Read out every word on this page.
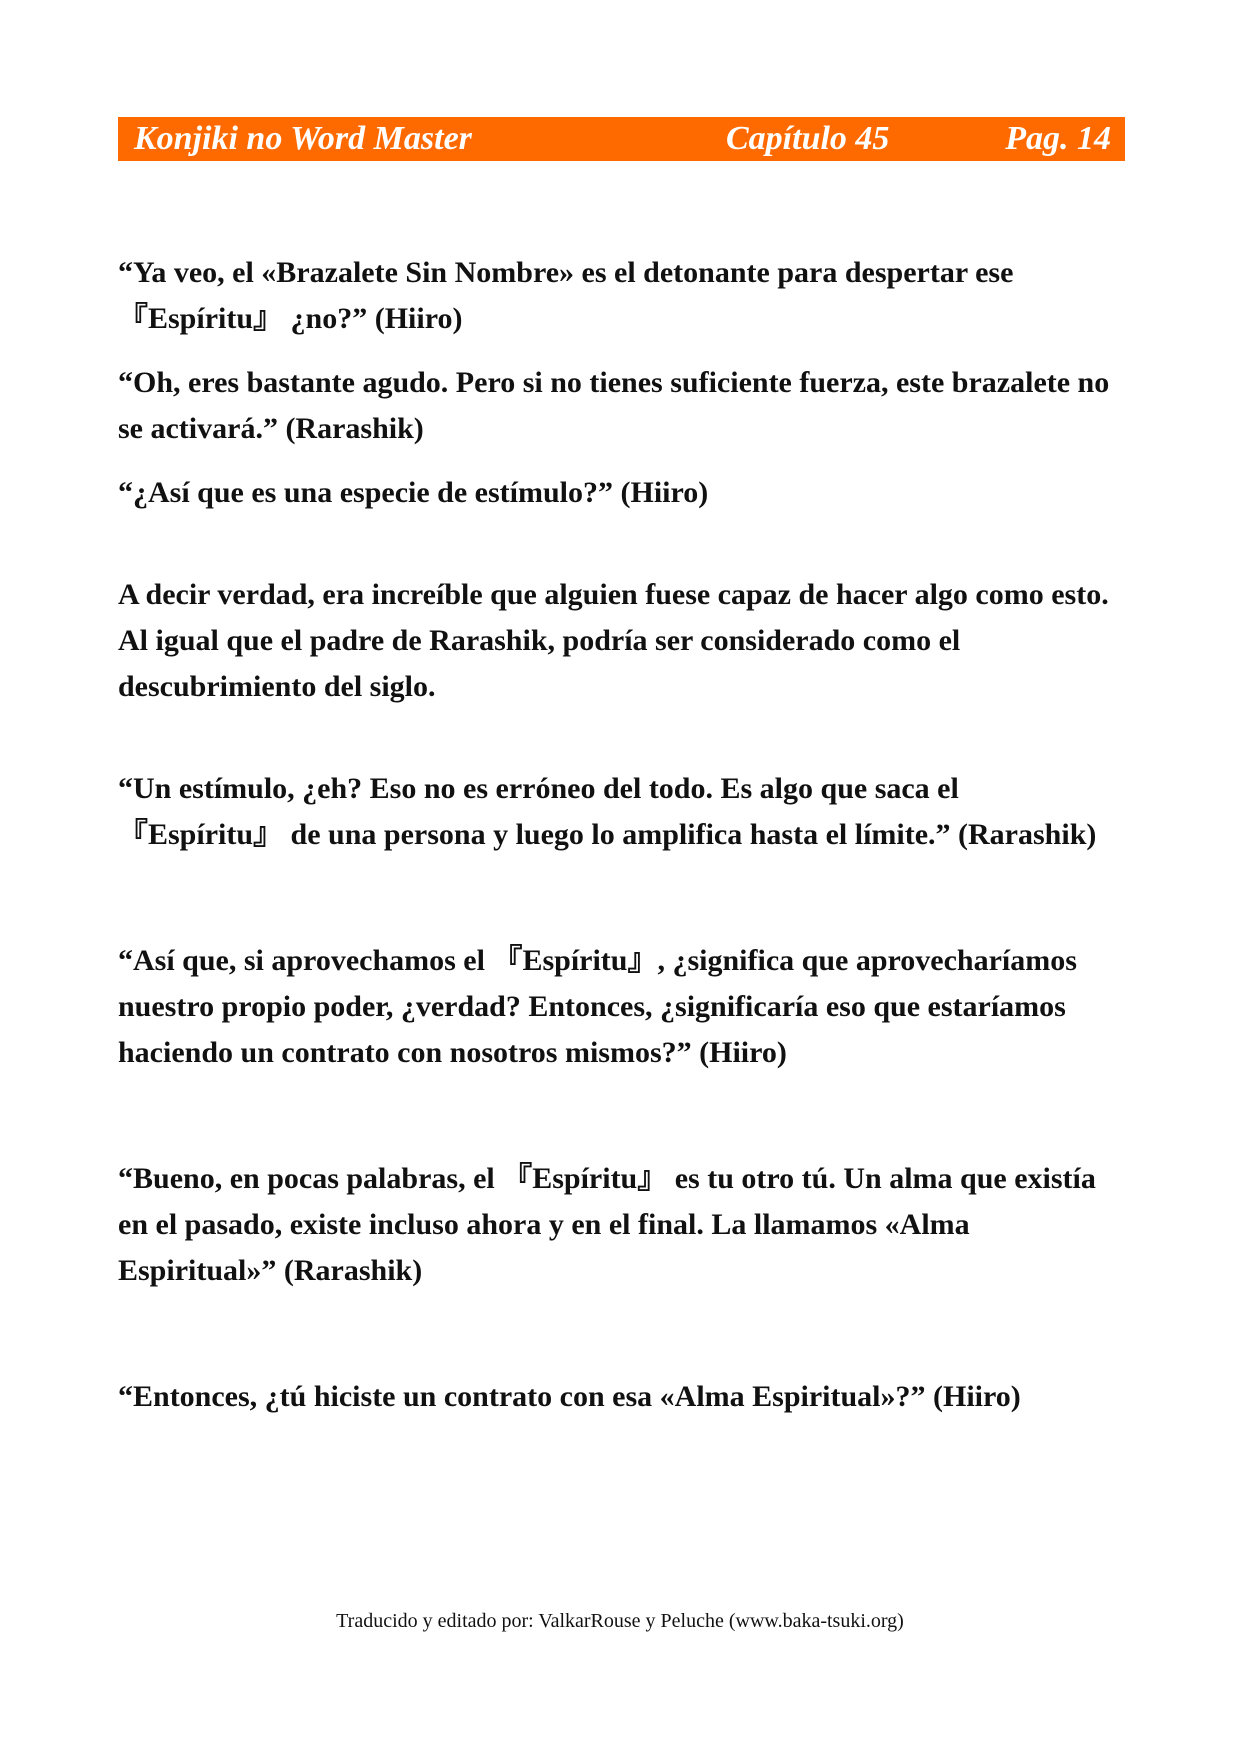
Konjiki no Word Master	Capítulo 45	Pag. 14

“Ya veo, el «Brazalete Sin Nombre» es el detonante para despertar ese 『Espíritu』 ¿no?” (Hiiro)

“Oh, eres bastante agudo. Pero si no tienes suficiente fuerza, este brazalete no se activará.” (Rarashik)

“¿Así que es una especie de estímulo?” (Hiiro)

A decir verdad, era increíble que alguien fuese capaz de hacer algo como esto. Al igual que el padre de Rarashik, podría ser considerado como el descubrimiento del siglo.

“Un estímulo, ¿eh? Eso no es erróneo del todo. Es algo que saca el 『Espíritu』 de una persona y luego lo amplifica hasta el límite.” (Rarashik)

“Así que, si aprovechamos el 『Espíritu』, ¿significa que aprovecharíamos nuestro propio poder, ¿verdad? Entonces, ¿significaría eso que estaríamos haciendo un contrato con nosotros mismos?” (Hiiro)

“Bueno, en pocas palabras, el 『Espíritu』 es tu otro tú. Un alma que existía en el pasado, existe incluso ahora y en el final. La llamamos «Alma Espiritual»” (Rarashik)

“Entonces, ¿tú hiciste un contrato con esa «Alma Espiritual»?” (Hiiro)

Traducido y editado por: ValkarRouse y Peluche (www.baka-tsuki.org)
